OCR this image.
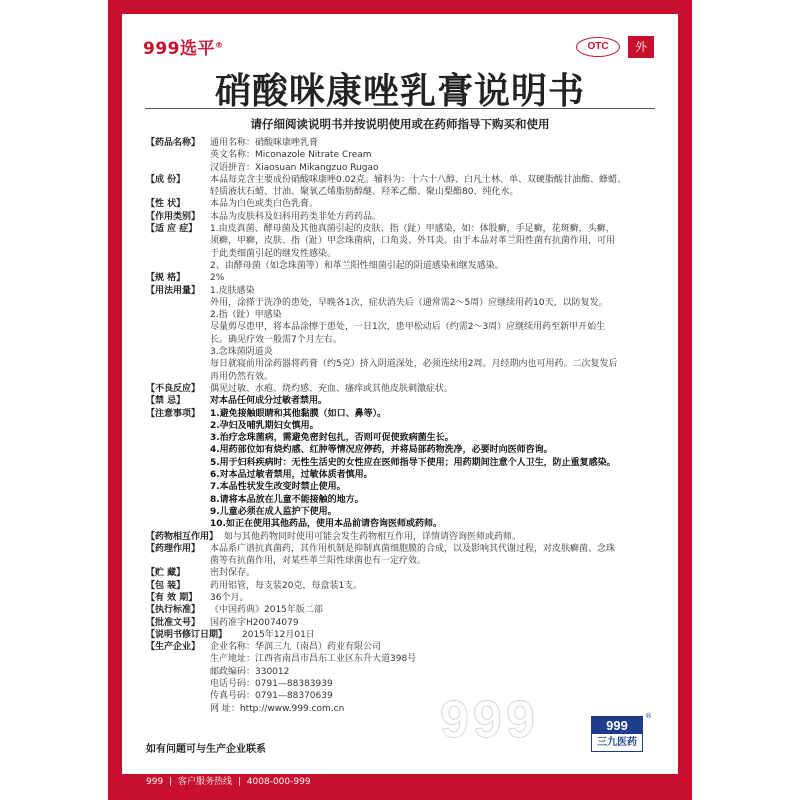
999选平®	OTC	外
硝酸咪康唑乳膏说明书
请仔细阅读说明书并按说明使用或在药师指导下购买和使用
【药品名称】	通用名称：硝酸咪康唑乳膏
英文名称：Miconazole Nitrate Cream
汉语拼音：Xiaosuan Mikangzuo Rugao
【成 份】	本品每克含主要成份硝酸咪康唑0.02克。辅料为：十六十八醇、白凡士林、单、双硬脂酸甘油酯、蜂蜡、
轻质液状石蜡、甘油、聚氧乙烯脂肪醇醚、羟苯乙酯、聚山梨酯80、纯化水。
【性 状】	本品为白色或类白色乳膏。
【作用类别】	本品为皮肤科及妇科用药类非处方药药品。
【适 应 症】	1.由皮真菌、酵母菌及其他真菌引起的皮肤、指（趾）甲感染，如：体股癣，手足癣，花斑癣，头癣，
须癣，甲癣，皮肤、指（趾）甲念珠菌病，口角炎、外耳炎。由于本品对革兰阳性菌有抗菌作用，可用
于此类细菌引起的继发性感染。
2、由酵母菌（如念珠菌等）和革兰阳性细菌引起的阴道感染和继发感染。
【规 格】	2%
【用法用量】	1.皮肤感染
外用，涂搽于洗净的患处，早晚各1次，症状消失后（通常需2～5周）应继续用药10天，以防复发。
2.指（趾）甲感染
尽量剪尽患甲，将本品涂擦于患处，一日1次，患甲松动后（约需2～3周）应继续用药至新甲开始生
长。确见疗效一般需7个月左右。
3.念珠菌阴道炎
每日就寝前用涂药器将药膏（约5克）挤入阴道深处，必须连续用2周。月经期内也可用药。二次复发后
再用仍然有效。
【不良反应】	偶见过敏、水疱、烧灼感、充血、瘙痒或其他皮肤刺激症状。
【禁 忌】	对本品任何成分过敏者禁用。
【注意事项】	1.避免接触眼睛和其他黏膜（如口、鼻等）。
2.孕妇及哺乳期妇女慎用。
3.治疗念珠菌病，需避免密封包扎，否则可促使致病菌生长。
4.用药部位如有烧灼感、红肿等情况应停药，并将局部药物洗净，必要时向医师咨询。
5.用于妇科疾病时：无性生活史的女性应在医师指导下使用；用药期间注意个人卫生，防止重复感染。
6.对本品过敏者禁用，过敏体质者慎用。
7.本品性状发生改变时禁止使用。
8.请将本品放在儿童不能接触的地方。
9.儿童必须在成人监护下使用。
10.如正在使用其他药品，使用本品前请咨询医师或药师。
【药物相互作用】 如与其他药物同时使用可能会发生药物相互作用，详情请咨询医师或药师。
【药理作用】	本品系广谱抗真菌药，其作用机制是抑制真菌细胞膜的合成，以及影响其代谢过程，对皮肤癣菌、念珠
菌等有抗菌作用，对某些革兰阳性球菌也有一定疗效。
【贮 藏】	密封保存。
【包 装】	药用铝管，每支装20克，每盒装1支。
【有 效 期】	36个月。
【执行标准】	《中国药典》2015年版二部
【批准文号】	国药准字H20074079
【说明书修订日期】	2015年12月01日
【生产企业】	企业名称：华润三九（南昌）药业有限公司
生产地址：江西省南昌市昌东工业区东升大道398号
邮政编码：330012
电话号码：0791—88383939
传真号码：0791—88370639
网 址：http://www.999.com.cn	999
如有问题可与生产企业联系
999
三九医药
®
999 | 客户服务热线 | 4008-000-999
